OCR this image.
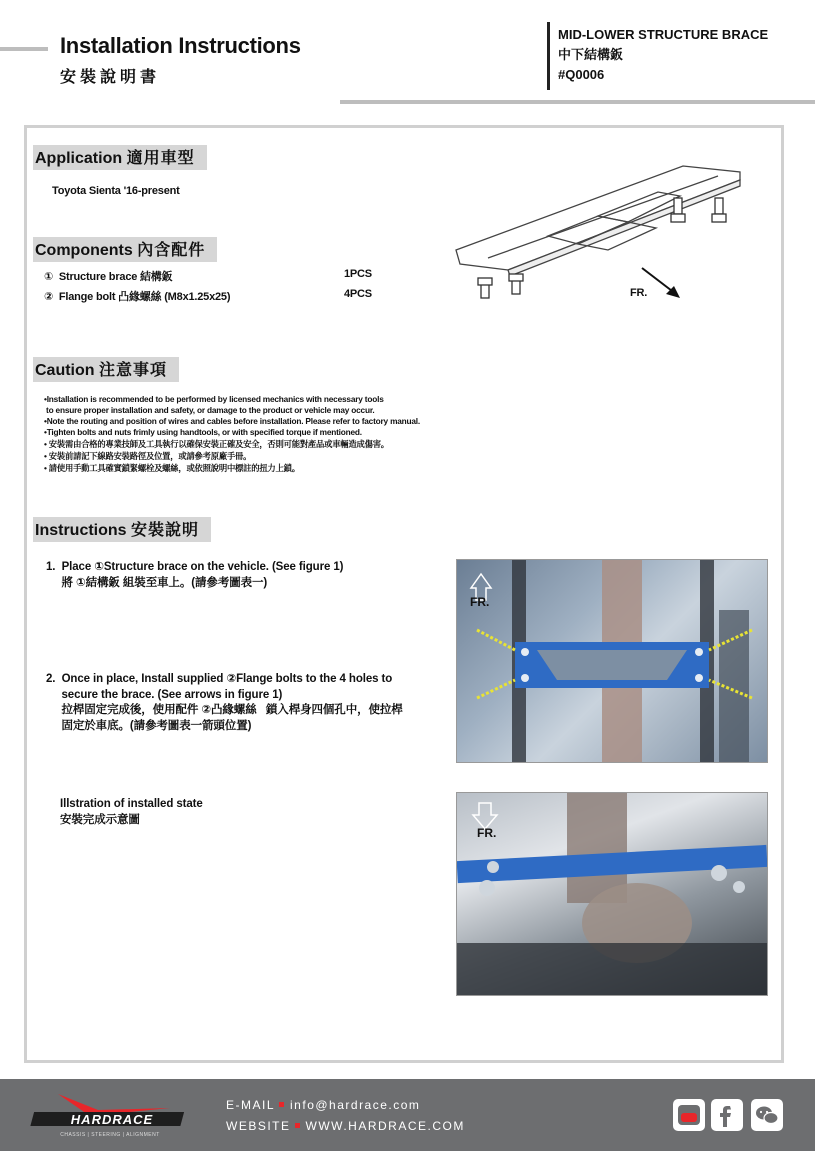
Installation Instructions
安裝說明書
MID-LOWER STRUCTURE BRACE
中下結構鈑
#Q0006
Application 適用車型
Toyota Sienta '16-present
Components 內含配件
① Structure brace 結構鈑	1PCS
② Flange bolt 凸緣螺絲 (M8x1.25x25)	4PCS	FR.
Caution 注意事項
•Installation is recommended to be performed by licensed mechanics with necessary tools
to ensure proper installation and safety, or damage to the product or vehicle may occur.
•Note the routing and position of wires and cables before installation. Please refer to factory manual.
•Tighten bolts and nuts frimly using handtools, or with specified torque if mentioned.
• 安裝需由合格的專業技師及工具執行以確保安裝正確及安全，否則可能對產品或車輛造成傷害。
• 安裝前請記下線路安裝路徑及位置，或請參考原廠手冊。
• 請使用手動工具確實鎖緊螺栓及螺絲，或依照說明中標註的扭力上鎖。
Instructions 安裝說明
1.  Place ①Structure brace on the vehicle. (See figure 1)
將 ①結構鈑 組裝至車上。(請參考圖表一)
2.  Once in place, Install supplied ②Flange bolts to the 4 holes to
secure the brace. (See arrows in figure 1)
拉桿固定完成後，使用配件 ②凸緣螺絲   鎖入桿身四個孔中，使拉桿
固定於車底。(請參考圖表一箭頭位置)
Illstration of installed state
安裝完成示意圖
FR.
FR.
HARDRACE
CHASSIS | STEERING | ALIGNMENT
E-MAIL info@hardrace.com
WEBSITE WWW.HARDRACE.COM
